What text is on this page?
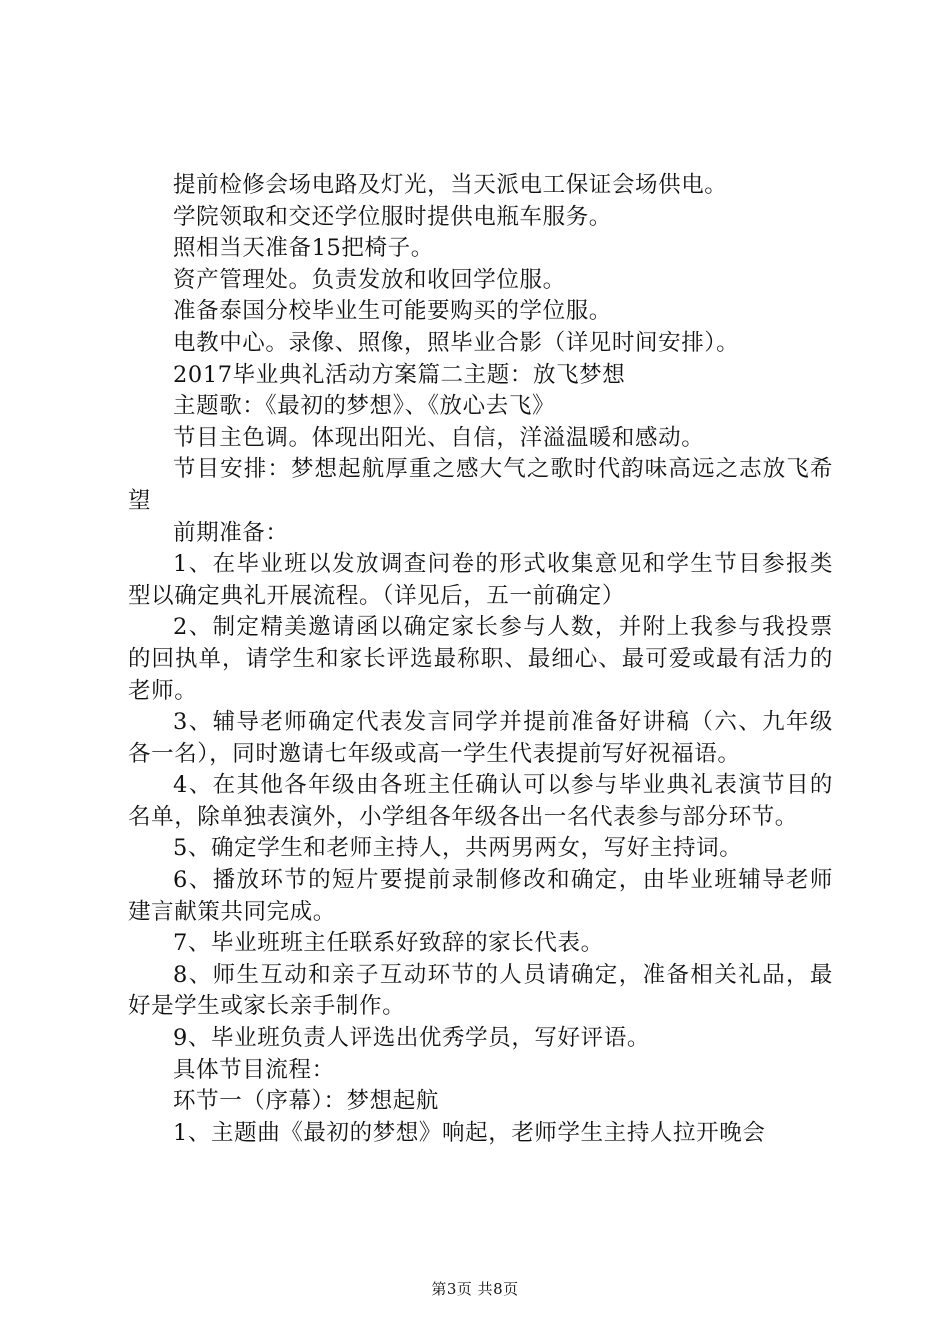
提前检修会场电路及灯光，当天派电工保证会场供电。

学院领取和交还学位服时提供电瓶车服务。

照相当天准备15把椅子。

资产管理处。负责发放和收回学位服。

准备泰国分校毕业生可能要购买的学位服。

电教中心。录像、照像，照毕业合影（详见时间安排）。

2017毕业典礼活动方案篇二主题：放飞梦想

主题歌：《最初的梦想》、《放心去飞》

节目主色调。体现出阳光、自信，洋溢温暖和感动。

节目安排：梦想起航厚重之感大气之歌时代韵味高远之志放飞希望

前期准备：

1、在毕业班以发放调查问卷的形式收集意见和学生节目参报类型以确定典礼开展流程。（详见后，五一前确定）

2、制定精美邀请函以确定家长参与人数，并附上我参与我投票的回执单，请学生和家长评选最称职、最细心、最可爱或最有活力的老师。

3、辅导老师确定代表发言同学并提前准备好讲稿（六、九年级各一名），同时邀请七年级或高一学生代表提前写好祝福语。

4、在其他各年级由各班主任确认可以参与毕业典礼表演节目的名单，除单独表演外，小学组各年级各出一名代表参与部分环节。

5、确定学生和老师主持人，共两男两女，写好主持词。

6、播放环节的短片要提前录制修改和确定，由毕业班辅导老师建言献策共同完成。

7、毕业班班主任联系好致辞的家长代表。

8、师生互动和亲子互动环节的人员请确定，准备相关礼品，最好是学生或家长亲手制作。

9、毕业班负责人评选出优秀学员，写好评语。

具体节目流程：

环节一（序幕）：梦想起航

1、主题曲《最初的梦想》响起，老师学生主持人拉开晚会

第3页 共8页
